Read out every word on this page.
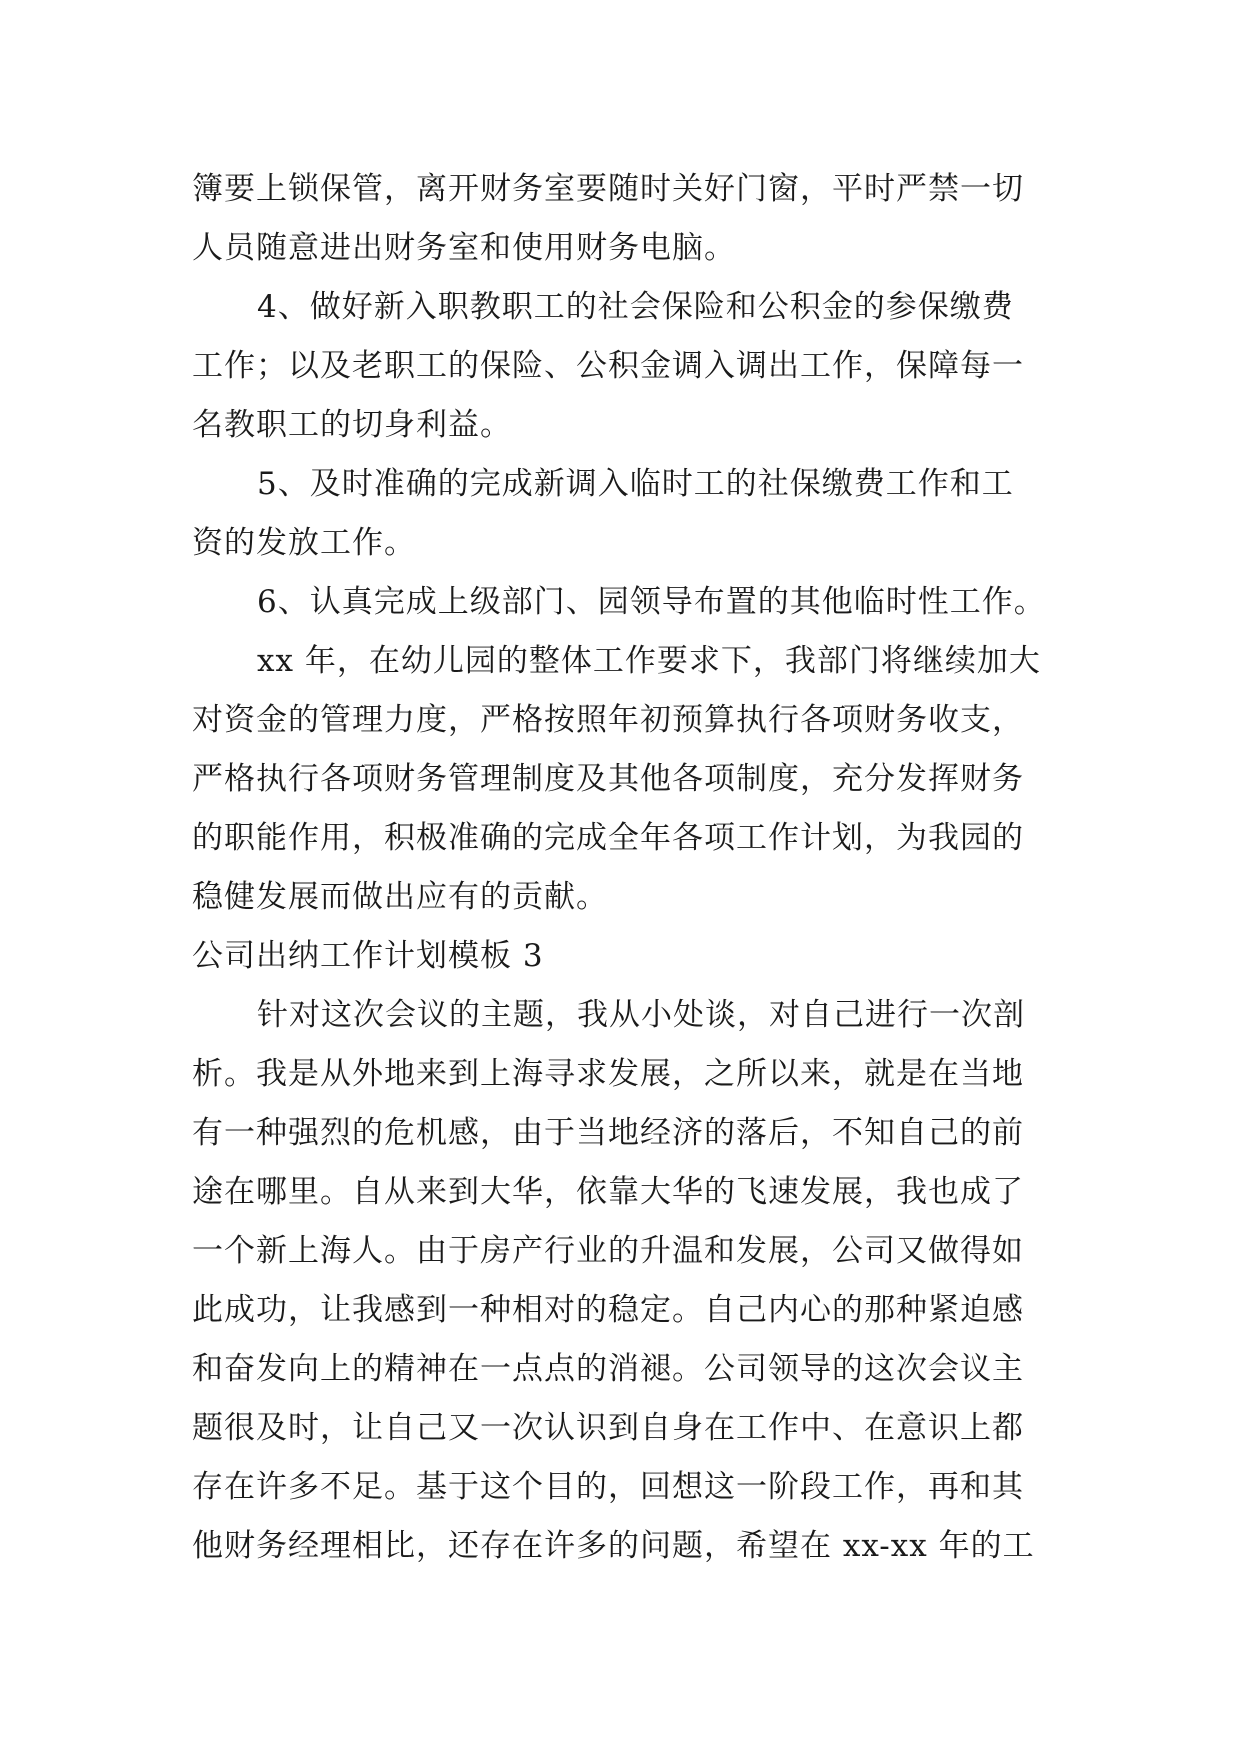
簿要上锁保管，离开财务室要随时关好门窗，平时严禁一切
人员随意进出财务室和使用财务电脑。
4、做好新入职教职工的社会保险和公积金的参保缴费
工作；以及老职工的保险、公积金调入调出工作，保障每一
名教职工的切身利益。
5、及时准确的完成新调入临时工的社保缴费工作和工
资的发放工作。
6、认真完成上级部门、园领导布置的其他临时性工作。
xx 年，在幼儿园的整体工作要求下，我部门将继续加大
对资金的管理力度，严格按照年初预算执行各项财务收支，
严格执行各项财务管理制度及其他各项制度，充分发挥财务
的职能作用，积极准确的完成全年各项工作计划，为我园的
稳健发展而做出应有的贡献。
公司出纳工作计划模板 3
针对这次会议的主题，我从小处谈，对自己进行一次剖
析。我是从外地来到上海寻求发展，之所以来，就是在当地
有一种强烈的危机感，由于当地经济的落后，不知自己的前
途在哪里。自从来到大华，依靠大华的飞速发展，我也成了
一个新上海人。由于房产行业的升温和发展，公司又做得如
此成功，让我感到一种相对的稳定。自己内心的那种紧迫感
和奋发向上的精神在一点点的消褪。公司领导的这次会议主
题很及时，让自己又一次认识到自身在工作中、在意识上都
存在许多不足。基于这个目的，回想这一阶段工作，再和其
他财务经理相比，还存在许多的问题，希望在 xx-xx 年的工
